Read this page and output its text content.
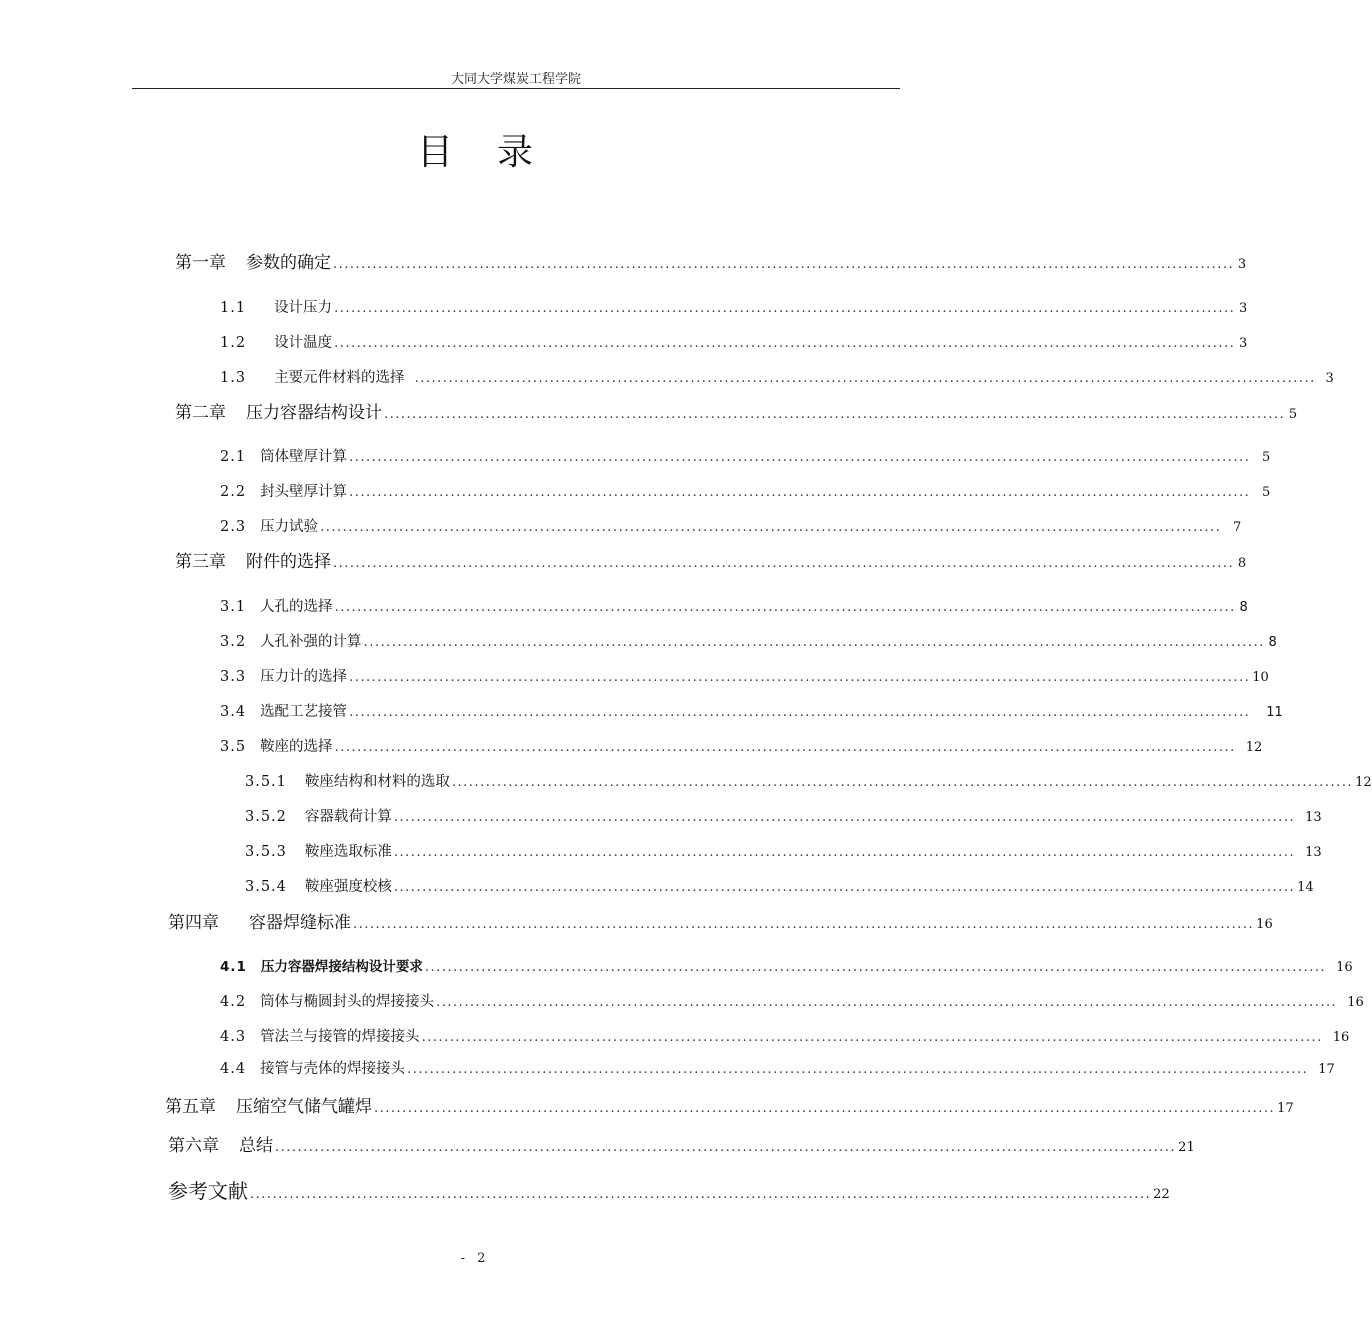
大同大学煤炭工程学院
目录
第一章 参数的确定 ................................................................................................................................................................ 3
1.1 设计压力 ................................................................................................................................................................ 3
1.2 设计温度 ................................................................................................................................................................ 3
1.3 主要元件材料的选择 ................................................................................................................................................................ 3
第二章 压力容器结构设计 ................................................................................................................................................................ 5
2.1 筒体壁厚计算 ................................................................................................................................................................ 5
2.2 封头壁厚计算 ................................................................................................................................................................ 5
2.3 压力试验 ................................................................................................................................................................ 7
第三章 附件的选择 ................................................................................................................................................................ 8
3.1 人孔的选择 ................................................................................................................................................................ 8
3.2 人孔补强的计算 ................................................................................................................................................................ 8
3.3 压力计的选择 ................................................................................................................................................................ 10
3.4 选配工艺接管 ................................................................................................................................................................ 11
3.5 鞍座的选择 ................................................................................................................................................................ 12
3.5.1 鞍座结构和材料的选取 ................................................................................................................................................................ 12
3.5.2 容器载荷计算 ................................................................................................................................................................ 13
3.5.3 鞍座选取标准 ................................................................................................................................................................ 13
3.5.4 鞍座强度校核 ................................................................................................................................................................ 14
第四章 容器焊缝标准 ................................................................................................................................................................ 16
4.1 压力容器焊接结构设计要求 ................................................................................................................................................................ 16
4.2 筒体与椭圆封头的焊接接头 ................................................................................................................................................................ 16
4.3 管法兰与接管的焊接接头 ................................................................................................................................................................ 16
4.4 接管与壳体的焊接接头 ................................................................................................................................................................ 17
第五章 压缩空气储气罐焊 ................................................................................................................................................................ 17
第六章 总结 ................................................................................................................................................................ 21
参考文献 ................................................................................................................................................................ 22
- 2
